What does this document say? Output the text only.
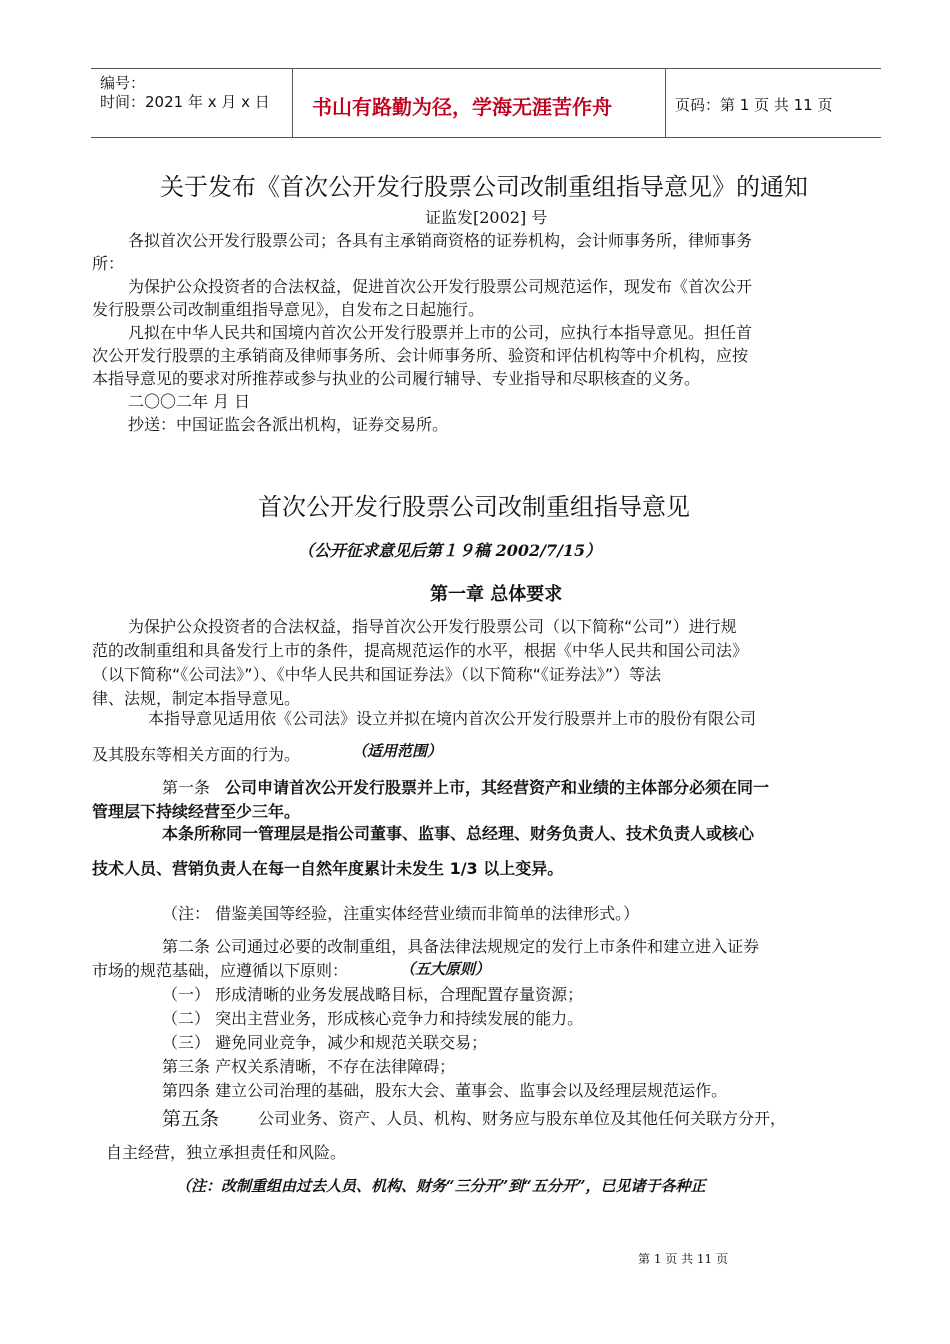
编号：
时间：2021 年 x 月 x 日 书山有路勤为径，学海无涯苦作舟	页码：第 1 页 共 11 页
关于发布《首次公开发行股票公司改制重组指导意见》的通知
证监发[2002] 号
各拟首次公开发行股票公司；各具有主承销商资格的证券机构，会计师事务所，律师事务
所：
为保护公众投资者的合法权益，促进首次公开发行股票公司规范运作，现发布《首次公开
发行股票公司改制重组指导意见》，自发布之日起施行。
凡拟在中华人民共和国境内首次公开发行股票并上市的公司，应执行本指导意见。担任首
次公开发行股票的主承销商及律师事务所、会计师事务所、验资和评估机构等中介机构，应按
本指导意见的要求对所推荐或参与执业的公司履行辅导、专业指导和尽职核查的义务。
二〇〇二年 月 日
抄送：中国证监会各派出机构，证券交易所。
首次公开发行股票公司改制重组指导意见
（公开征求意见后第１９稿 2002/7/15）
第一章 总体要求
为保护公众投资者的合法权益，指导首次公开发行股票公司（以下简称“公司”）进行规
范的改制重组和具备发行上市的条件，提高规范运作的水平，根据《中华人民共和国公司法》
（以下简称“《公司法》”）、《中华人民共和国证券法》（以下简称“《证券法》”）等法
律、法规，制定本指导意见。
本指导意见适用依《公司法》设立并拟在境内首次公开发行股票并上市的股份有限公司
及其股东等相关方面的行为。	（适用范围）
第一条 公司申请首次公开发行股票并上市，其经营资产和业绩的主体部分必须在同一
管理层下持续经营至少三年。
本条所称同一管理层是指公司董事、监事、总经理、财务负责人、技术负责人或核心
技术人员、营销负责人在每一自然年度累计未发生 1/3 以上变异。
（注： 借鉴美国等经验，注重实体经营业绩而非简单的法律形式。）
第二条 公司通过必要的改制重组，具备法律法规规定的发行上市条件和建立进入证券
市场的规范基础，应遵循以下原则：	（五大原则）
（一） 形成清晰的业务发展战略目标，合理配置存量资源；
（二） 突出主营业务，形成核心竞争力和持续发展的能力。
（三） 避免同业竞争，减少和规范关联交易；
第三条 产权关系清晰，不存在法律障碍；
第四条 建立公司治理的基础，股东大会、董事会、监事会以及经理层规范运作。
第五条 公司业务、资产、人员、机构、财务应与股东单位及其他任何关联方分开，
自主经营，独立承担责任和风险。
（注：改制重组由过去人员、机构、财务“三分开”到“五分开”，已见诸于各种正
第 1 页 共 11 页
